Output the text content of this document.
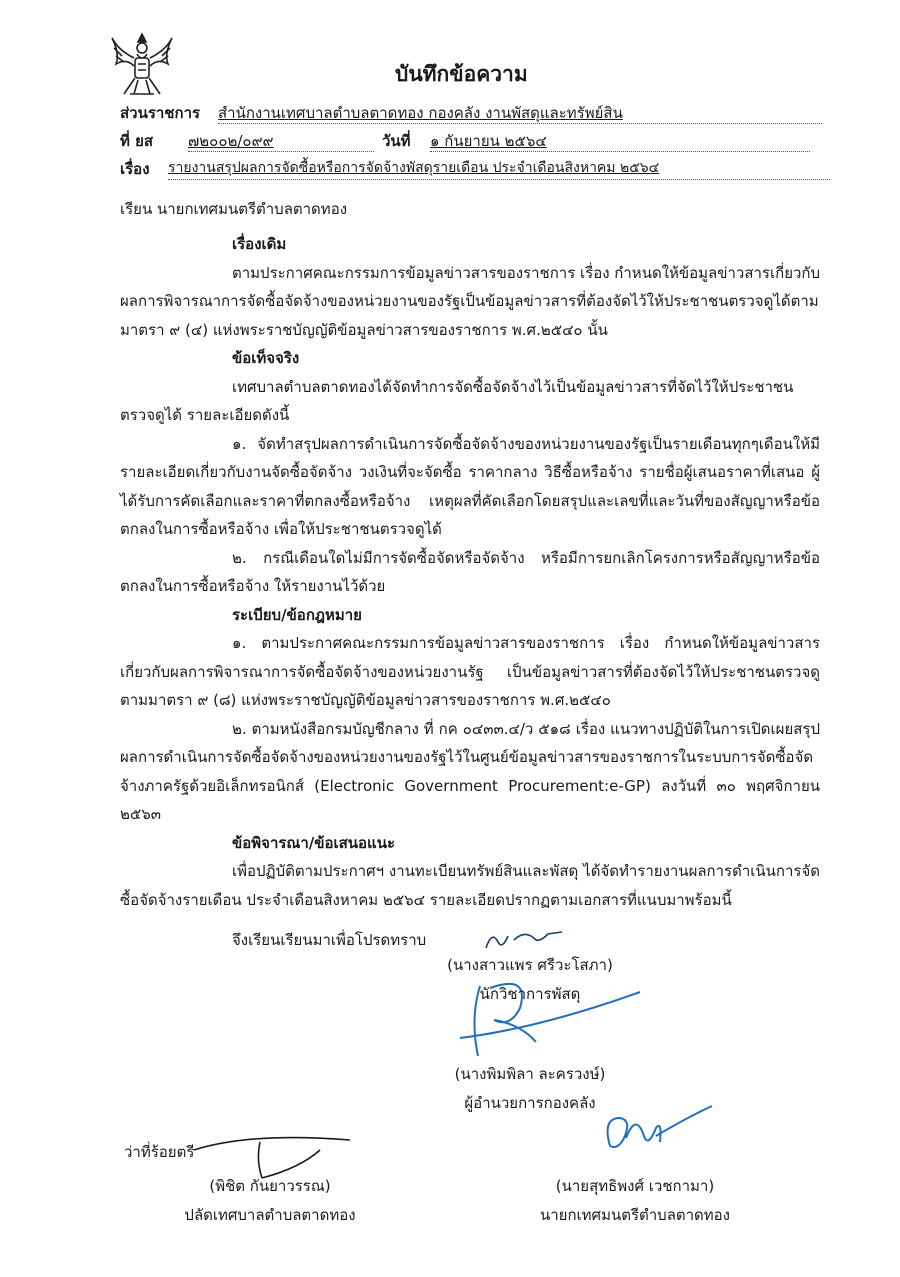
บันทึกข้อความ
ส่วนราชการ สำนักงานเทศบาลตำบลตาดทอง กองคลัง งานพัสดุและทรัพย์สิน
ที่ ยส ๗๒๐๐๒/๐๙๙	วันที่ ๑ กันยายน ๒๕๖๔
เรื่อง รายงานสรุปผลการจัดซื้อหรือการจัดจ้างพัสดุรายเดือน ประจำเดือนสิงหาคม ๒๕๖๔
เรียน นายกเทศมนตรีตำบลตาดทอง

เรื่องเดิม

ตามประกาศคณะกรรมการข้อมูลข่าวสารของราชการ เรื่อง กำหนดให้ข้อมูลข่าวสารเกี่ยวกับผลการพิจารณาการจัดซื้อจัดจ้างของหน่วยงานของรัฐเป็นข้อมูลข่าวสารที่ต้องจัดไว้ให้ประชาชนตรวจดูได้ตามมาตรา ๙ (๔) แห่งพระราชบัญญัติข้อมูลข่าวสารของราชการ พ.ศ.๒๕๔๐ นั้น

ข้อเท็จจริง

เทศบาลตำบลตาดทองได้จัดทำการจัดซื้อจัดจ้างไว้เป็นข้อมูลข่าวสารที่จัดไว้ให้ประชาชนตรวจดูได้ รายละเอียดดังนี้

๑. จัดทำสรุปผลการดำเนินการจัดซื้อจัดจ้างของหน่วยงานของรัฐเป็นรายเดือนทุกๆเดือนให้มีรายละเอียดเกี่ยวกับงานจัดซื้อจัดจ้าง วงเงินที่จะจัดซื้อ ราคากลาง วิธีซื้อหรือจ้าง รายชื่อผู้เสนอราคาที่เสนอ ผู้ได้รับการคัดเลือกและราคาที่ตกลงซื้อหรือจ้าง เหตุผลที่คัดเลือกโดยสรุปและเลขที่และวันที่ของสัญญาหรือข้อตกลงในการซื้อหรือจ้าง เพื่อให้ประชาชนตรวจดูได้

๒. กรณีเดือนใดไม่มีการจัดซื้อจัดหรือจัดจ้าง หรือมีการยกเลิกโครงการหรือสัญญาหรือข้อตกลงในการซื้อหรือจ้าง ให้รายงานไว้ด้วย

ระเบียบ/ข้อกฎหมาย

๑. ตามประกาศคณะกรรมการข้อมูลข่าวสารของราชการ เรื่อง กำหนดให้ข้อมูลข่าวสารเกี่ยวกับผลการพิจารณาการจัดซื้อจัดจ้างของหน่วยงานรัฐ เป็นข้อมูลข่าวสารที่ต้องจัดไว้ให้ประชาชนตรวจดูตามมาตรา ๙ (๘) แห่งพระราชบัญญัติข้อมูลข่าวสารของราชการ พ.ศ.๒๕๔๐

๒. ตามหนังสือกรมบัญชีกลาง ที่ กค ๐๔๓๓.๔/ว ๕๑๘ เรื่อง แนวทางปฏิบัติในการเปิดเผยสรุปผลการดำเนินการจัดซื้อจัดจ้างของหน่วยงานของรัฐไว้ในศูนย์ข้อมูลข่าวสารของราชการในระบบการจัดซื้อจัดจ้างภาครัฐด้วยอิเล็กทรอนิกส์ (Electronic Government Procurement:e-GP) ลงวันที่ ๓๐ พฤศจิกายน ๒๕๖๓

ข้อพิจารณา/ข้อเสนอแนะ

เพื่อปฏิบัติตามประกาศฯ งานทะเบียนทรัพย์สินและพัสดุ ได้จัดทำรายงานผลการดำเนินการจัดซื้อจัดจ้างรายเดือน ประจำเดือนสิงหาคม ๒๕๖๔ รายละเอียดปรากฏตามเอกสารที่แนบมาพร้อมนี้

จึงเรียนเรียนมาเพื่อโปรดทราบ

(นางสาวแพร ศรีวะโสภา)
นักวิชาการพัสดุ
(นางพิมพิลา ละครวงษ์)
ผู้อำนวยการกองคลัง
ว่าที่ร้อยตรี
(พิชิต กันยาวรรณ)
ปลัดเทศบาลตำบลตาดทอง
(นายสุทธิพงศ์ เวชกามา)
นายกเทศมนตรีตำบลตาดทอง
